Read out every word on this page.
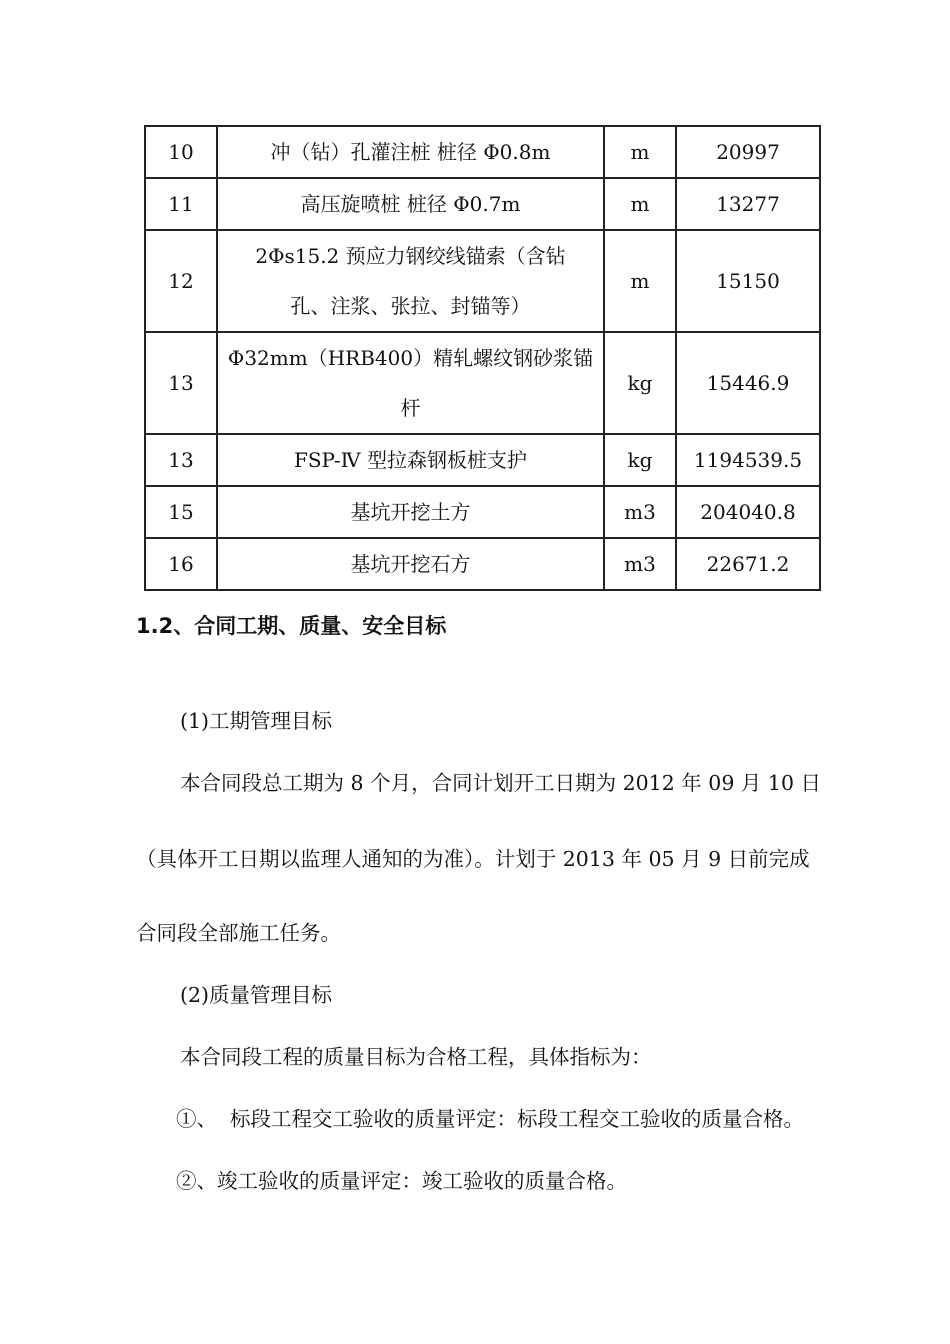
10	冲（钻）孔灌注桩 桩径 Φ0.8m	m	20997
11	高压旋喷桩 桩径 Φ0.7m	m	13277
12	2Φs15.2 预应力钢绞线锚索（含钻
孔、注浆、张拉、封锚等）	m	15150
13	Φ32mm（HRB400）精轧螺纹钢砂浆锚
杆	kg	15446.9
13	FSP-Ⅳ 型拉森钢板桩支护	kg	1194539.5
15	基坑开挖土方	m3	204040.8
16	基坑开挖石方	m3	22671.2
1.2、合同工期、质量、安全目标
(1)工期管理目标
本合同段总工期为 8 个月，合同计划开工日期为 2012 年 09 月 10 日
（具体开工日期以监理人通知的为准）。计划于 2013 年 05 月 9 日前完成
合同段全部施工任务。
(2)质量管理目标
本合同段工程的质量目标为合格工程，具体指标为：
①、  标段工程交工验收的质量评定：标段工程交工验收的质量合格。
②、竣工验收的质量评定：竣工验收的质量合格。
